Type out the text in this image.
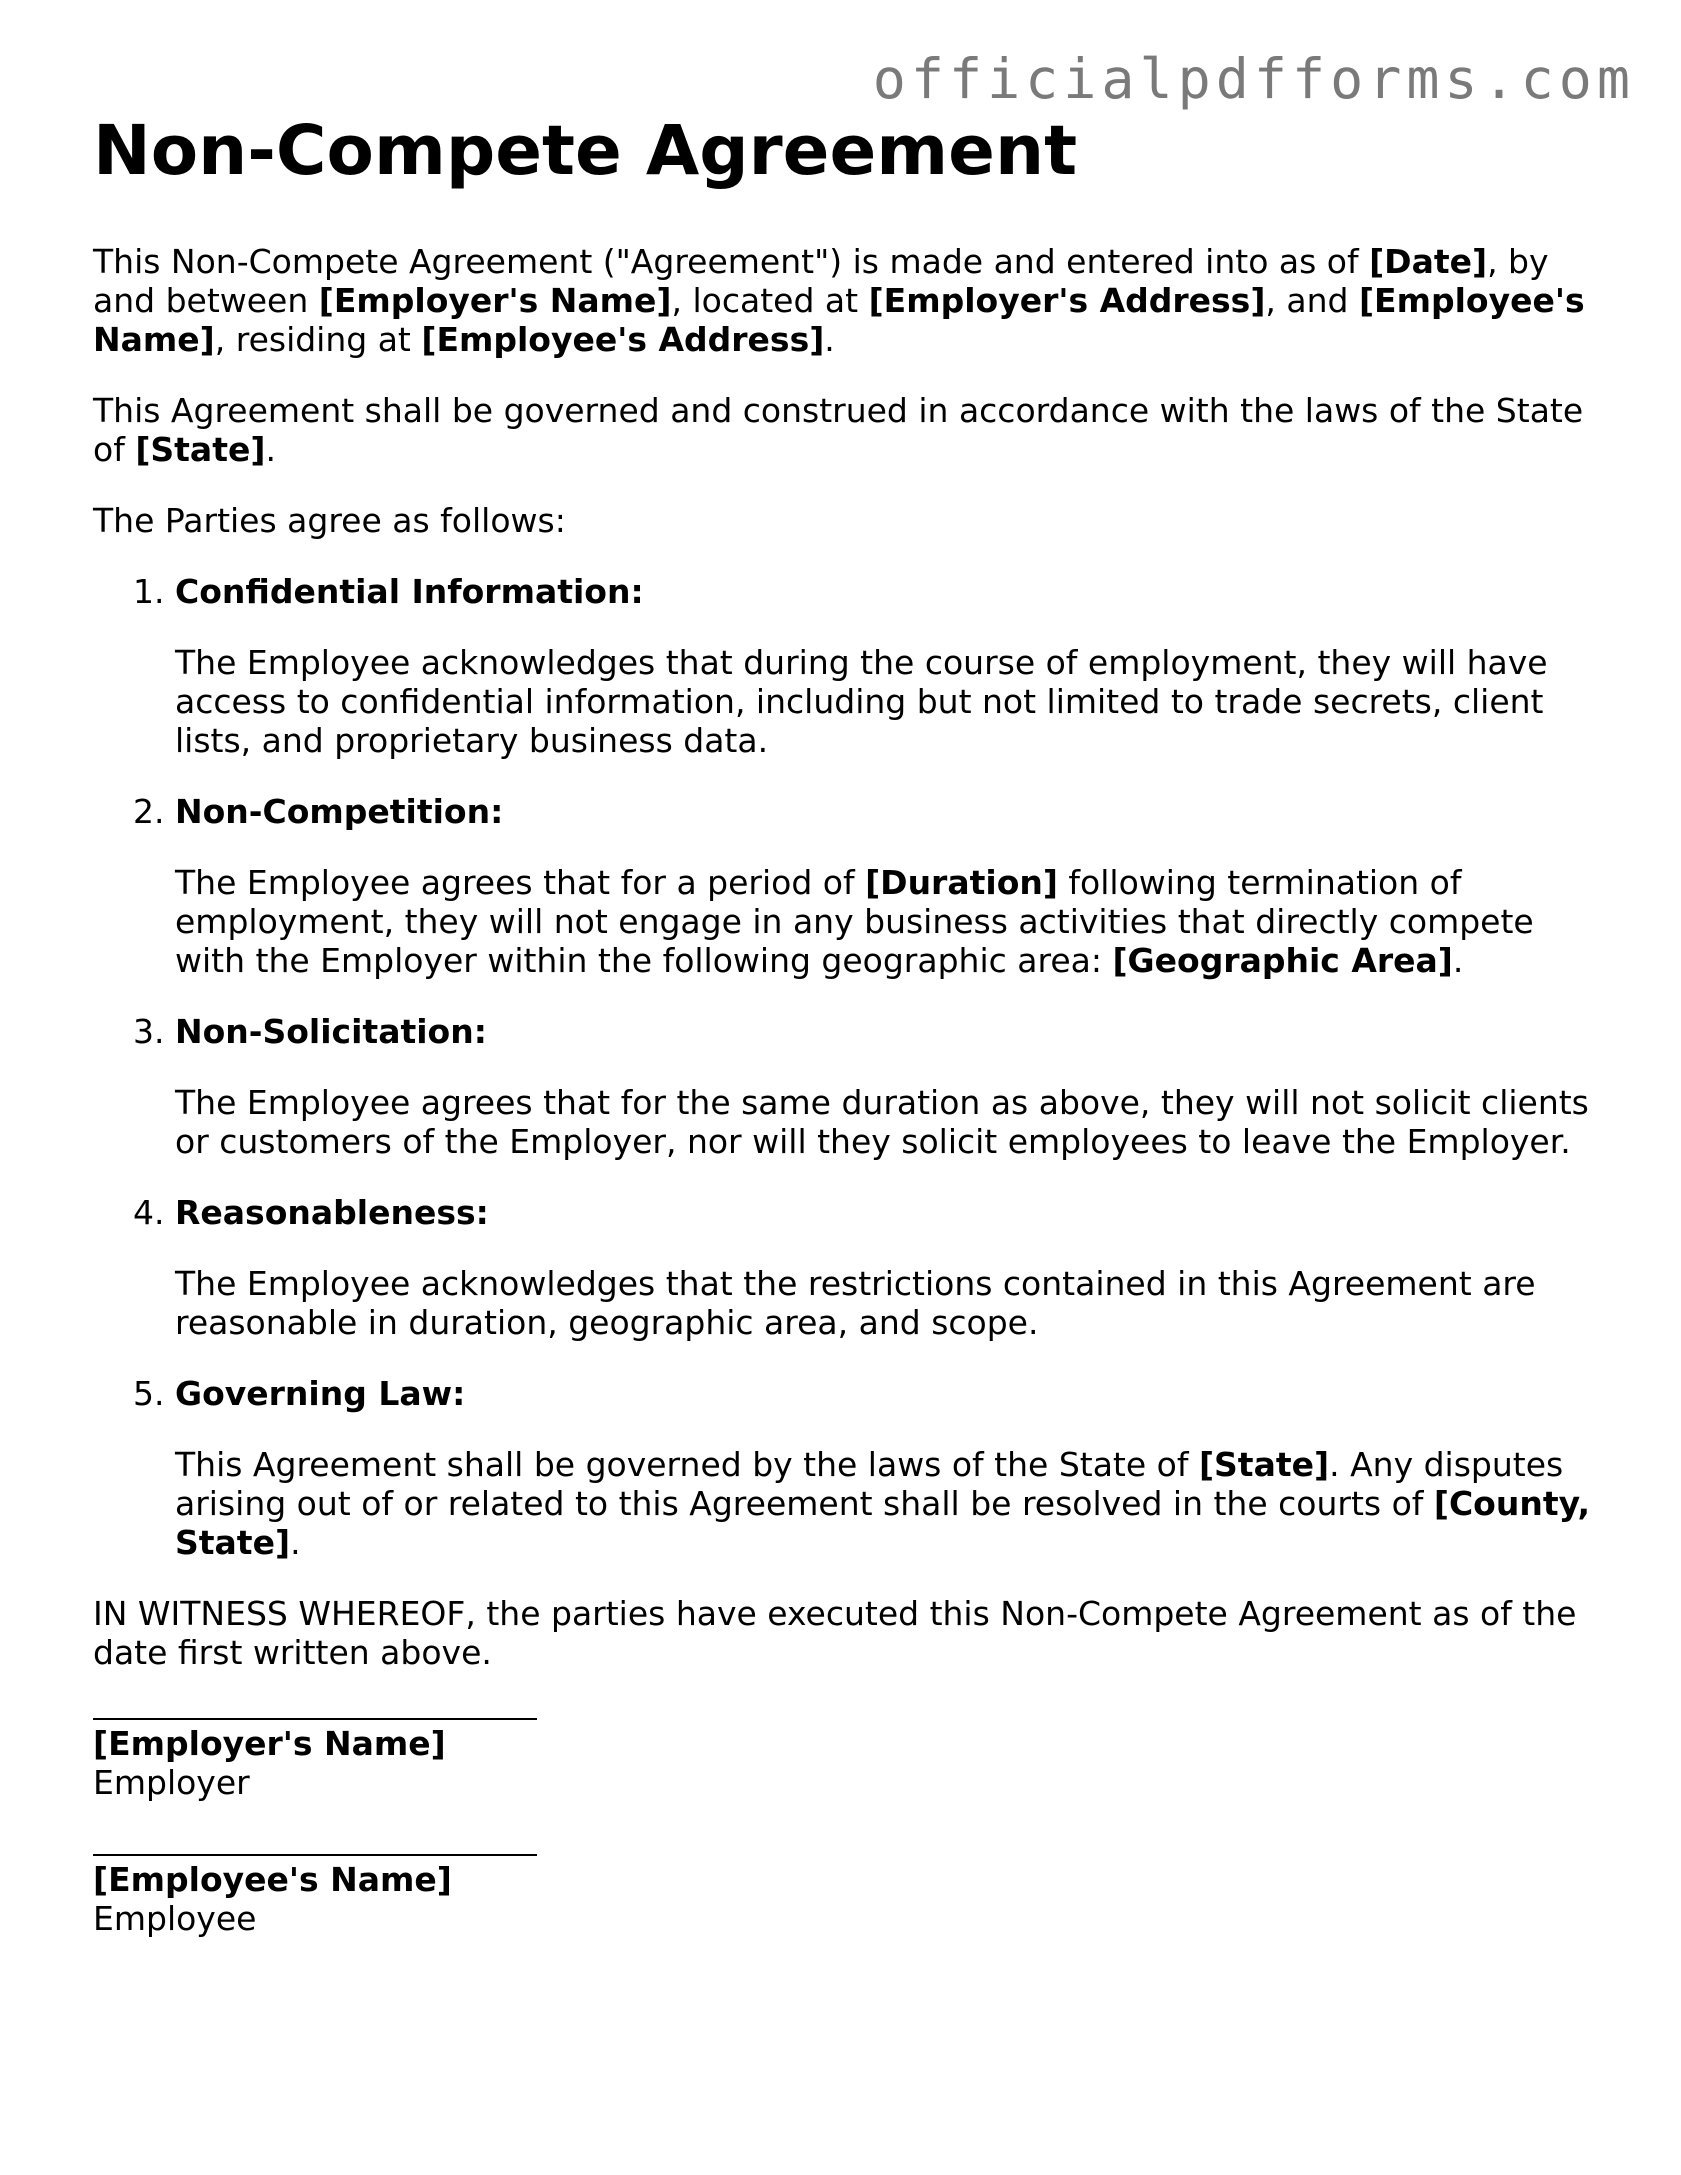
officialpdfforms.com
Non-Compete Agreement

This Non-Compete Agreement ("Agreement") is made and entered into as of [Date], by and between [Employer's Name], located at [Employer's Address], and [Employee's Name], residing at [Employee's Address].

This Agreement shall be governed and construed in accordance with the laws of the State of [State].

The Parties agree as follows:

1. Confidential Information:
The Employee acknowledges that during the course of employment, they will have access to confidential information, including but not limited to trade secrets, client lists, and proprietary business data.
2. Non-Competition:
The Employee agrees that for a period of [Duration] following termination of employment, they will not engage in any business activities that directly compete with the Employer within the following geographic area: [Geographic Area].
3. Non-Solicitation:
The Employee agrees that for the same duration as above, they will not solicit clients or customers of the Employer, nor will they solicit employees to leave the Employer.
4. Reasonableness:
The Employee acknowledges that the restrictions contained in this Agreement are reasonable in duration, geographic area, and scope.
5. Governing Law:
This Agreement shall be governed by the laws of the State of [State]. Any disputes arising out of or related to this Agreement shall be resolved in the courts of [County, State].

IN WITNESS WHEREOF, the parties have executed this Non-Compete Agreement as of the date first written above.

[Employer's Name]
Employer
[Employee's Name]
Employee
